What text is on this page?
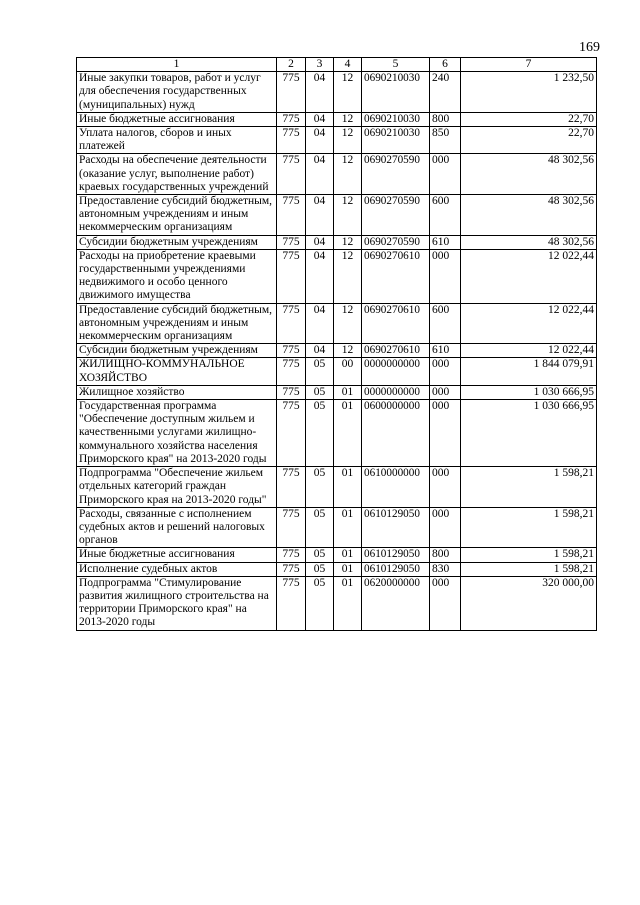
169
1	2	3	4	5	6	7
Иные закупки товаров, работ и услуг для обеспечения государственных (муниципальных) нужд	775	04	12	0690210030	240	1 232,50
Иные бюджетные ассигнования	775	04	12	0690210030	800	22,70
Уплата налогов, сборов и иных платежей	775	04	12	0690210030	850	22,70
Расходы на обеспечение деятельности (оказание услуг, выполнение работ) краевых государственных учреждений	775	04	12	0690270590	000	48 302,56
Предоставление субсидий бюджетным, автономным учреждениям и иным некоммерческим организациям	775	04	12	0690270590	600	48 302,56
Субсидии бюджетным учреждениям	775	04	12	0690270590	610	48 302,56
Расходы на приобретение краевыми государственными учреждениями недвижимого и особо ценного движимого имущества	775	04	12	0690270610	000	12 022,44
Предоставление субсидий бюджетным, автономным учреждениям и иным некоммерческим организациям	775	04	12	0690270610	600	12 022,44
Субсидии бюджетным учреждениям	775	04	12	0690270610	610	12 022,44
ЖИЛИЩНО-КОММУНАЛЬНОЕ ХОЗЯЙСТВО	775	05	00	0000000000	000	1 844 079,91
Жилищное хозяйство	775	05	01	0000000000	000	1 030 666,95
Государственная программа "Обеспечение доступным жильем и качественными услугами жилищно-коммунального хозяйства населения Приморского края" на 2013-2020 годы	775	05	01	0600000000	000	1 030 666,95
Подпрограмма "Обеспечение жильем отдельных категорий граждан Приморского края на 2013-2020 годы"	775	05	01	0610000000	000	1 598,21
Расходы, связанные с исполнением судебных актов и решений налоговых органов	775	05	01	0610129050	000	1 598,21
Иные бюджетные ассигнования	775	05	01	0610129050	800	1 598,21
Исполнение судебных актов	775	05	01	0610129050	830	1 598,21
Подпрограмма "Стимулирование развития жилищного строительства на территории Приморского края" на 2013-2020 годы	775	05	01	0620000000	000	320 000,00
